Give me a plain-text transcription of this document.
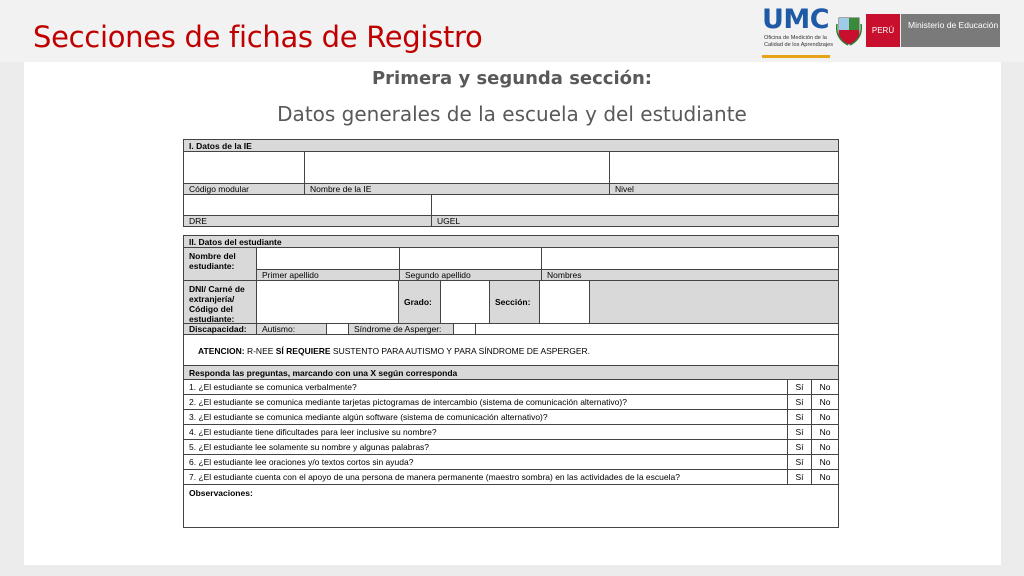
Secciones de fichas de Registro
UMC
Oficina de Medición de la Calidad de los Aprendizajes
PERÚ
Ministerio de Educación
Primera y segunda sección:
Datos generales de la escuela y del estudiante
I. Datos de la IE
Código modular	Nombre de la IE	Nivel
DRE	UGEL
II. Datos del estudiante
Nombre del estudiante:
Primer apellido	Segundo apellido	Nombres
DNI/ Carné de extranjería/ Código del estudiante:
Grado:	Sección:
Discapacidad:	Autismo:	Síndrome de Asperger:
ATENCION: R-NEE SÍ REQUIERE SUSTENTO PARA AUTISMO Y PARA SÍNDROME DE ASPERGER.
Responda las preguntas, marcando con una X según corresponda
1. ¿El estudiante se comunica verbalmente?	Sí	No
2. ¿El estudiante se comunica mediante tarjetas pictogramas de intercambio (sistema de comunicación alternativo)?	Sí	No
3. ¿El estudiante se comunica mediante algún software (sistema de comunicación alternativo)?	Sí	No
4. ¿El estudiante tiene dificultades para leer inclusive su nombre?	Sí	No
5. ¿El estudiante lee solamente su nombre y algunas palabras?	Sí	No
6. ¿El estudiante lee oraciones y/o textos cortos sin ayuda?	Sí	No
7. ¿El estudiante cuenta con el apoyo de una persona de manera permanente (maestro sombra) en las actividades de la escuela?	Sí	No
Observaciones:
